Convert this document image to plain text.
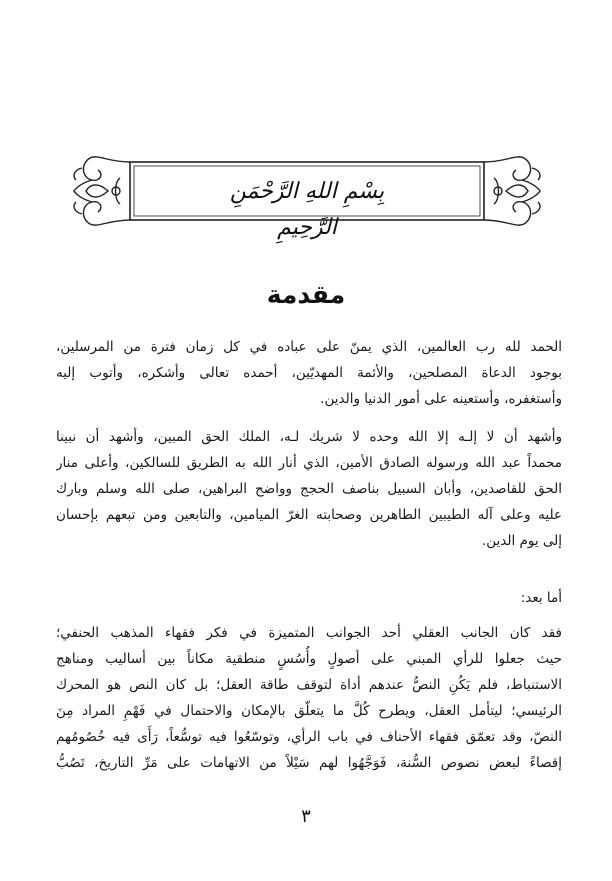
بِسْمِ اللهِ الرَّحْمَنِ الرَّحِيمِ
مقدمة
الحمد لله رب العالمين، الذي يمنّ على عباده في كل زمان فترة من المرسلين،
بوجود الدعاة المصلحين، والأئمة المهديّين، أحمده تعالى وأشكره، وأتوب إليه
وأستغفره، وأستعينه على أمور الدنيا والدين.
وأشهد أن لا إلـه إلا الله وحده لا شريك لـه، الملك الحق المبين، وأشهد أن نبينا
محمداً عبد الله ورسوله الصادق الأمين، الذي أنار الله به الطريق للسالكين، وأعلى منار
الحق للقاصدين، وأبان السبيل بناصف الحجج وواضح البراهين، صلى الله وسلم وبارك
عليه وعلى آله الطيبين الطاهرين وصحابته الغرّ الميامين، والتابعين ومن تبعهم بإحسان
إلى يوم الدين.
أما بعد:
فقد كان الجانب العقلي أحد الجوانب المتميزة في فكر فقهاء المذهب الحنفي؛
حيث جعلوا للرأي المبني على أصولٍ وأُسُسٍ منطقية مكاناً بين أساليب ومناهج
الاستنباط، فلم يَكُنِ النصُّ عندهم أداة لتوقف طاقة العقل؛ بل كان النص هو المحرك
الرئيسي؛ ليتأمل العقل، ويطرح كُلَّ ما يتعلّق بالإمكان والاحتمال في فَهْمِ المراد مِنَ
النصّ، وقد تعمّق فقهاء الأحناف في باب الرأي، وتوسّعُوا فيه توسُّعاً، رَأَى فيه خُصُومُهم
إقصاءً لبعض نصوص السُّنة، فَوَجَّهُوا لهم سَيْلاً من الاتهامات على مَرِّ التاريخ، تَصُبُّ
٣
